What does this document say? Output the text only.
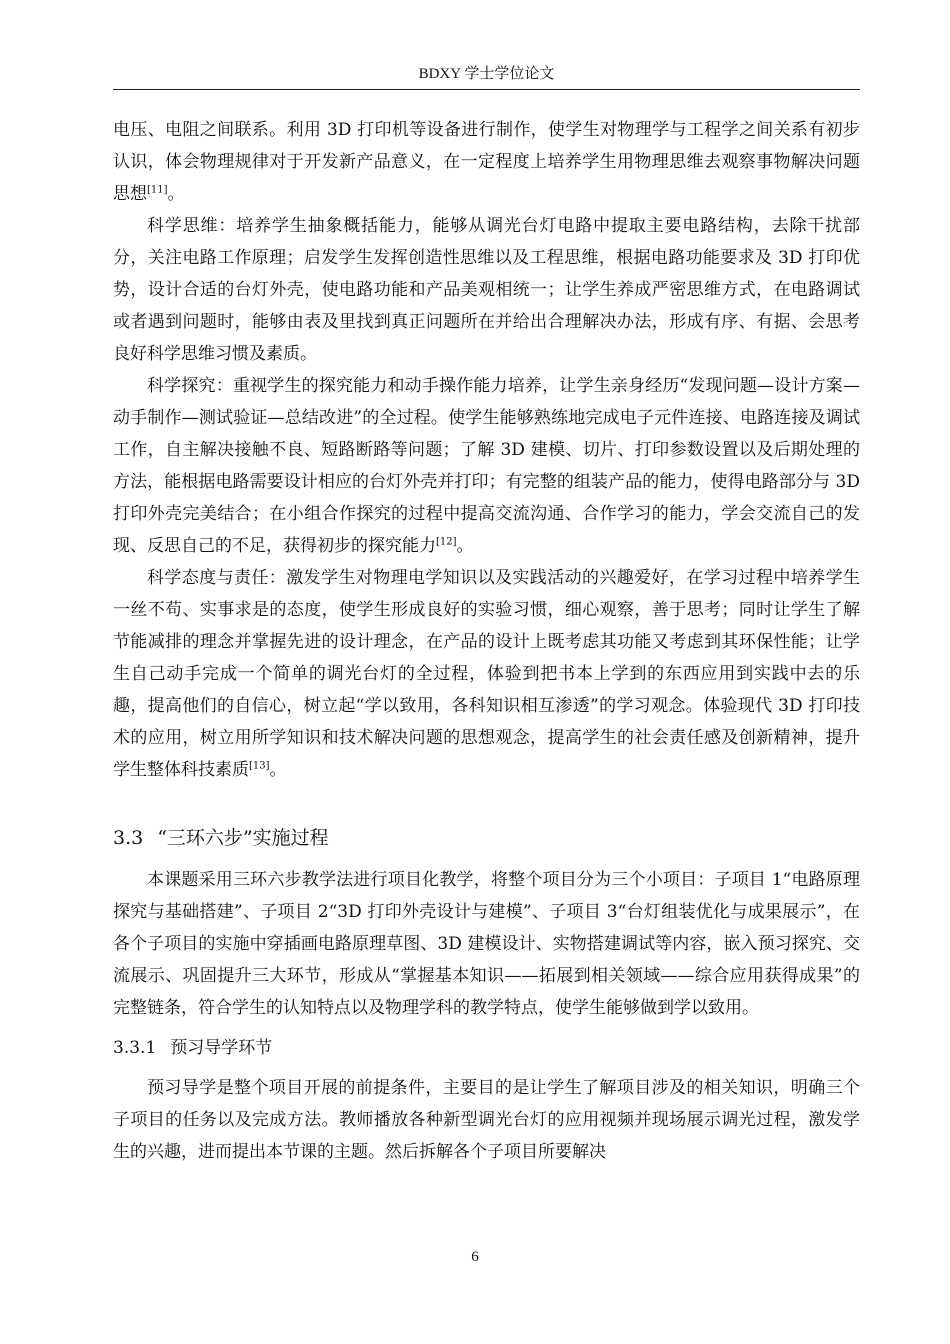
BDXY 学士学位论文

电压、电阻之间联系。利用 3D 打印机等设备进行制作，使学生对物理学与工程学之间关系有初步认识，体会物理规律对于开发新产品意义，在一定程度上培养学生用物理思维去观察事物解决问题思想[11]。

科学思维：培养学生抽象概括能力，能够从调光台灯电路中提取主要电路结构，去除干扰部分，关注电路工作原理；启发学生发挥创造性思维以及工程思维，根据电路功能要求及 3D 打印优势，设计合适的台灯外壳，使电路功能和产品美观相统一；让学生养成严密思维方式，在电路调试或者遇到问题时，能够由表及里找到真正问题所在并给出合理解决办法，形成有序、有据、会思考良好科学思维习惯及素质。

科学探究：重视学生的探究能力和动手操作能力培养，让学生亲身经历“发现问题—设计方案—动手制作—测试验证—总结改进”的全过程。使学生能够熟练地完成电子元件连接、电路连接及调试工作，自主解决接触不良、短路断路等问题；了解 3D 建模、切片、打印参数设置以及后期处理的方法，能根据电路需要设计相应的台灯外壳并打印；有完整的组装产品的能力，使得电路部分与 3D 打印外壳完美结合；在小组合作探究的过程中提高交流沟通、合作学习的能力，学会交流自己的发现、反思自己的不足，获得初步的探究能力[12]。

科学态度与责任：激发学生对物理电学知识以及实践活动的兴趣爱好，在学习过程中培养学生一丝不苟、实事求是的态度，使学生形成良好的实验习惯，细心观察，善于思考；同时让学生了解节能减排的理念并掌握先进的设计理念，在产品的设计上既考虑其功能又考虑到其环保性能；让学生自己动手完成一个简单的调光台灯的全过程，体验到把书本上学到的东西应用到实践中去的乐趣，提高他们的自信心，树立起“学以致用，各科知识相互渗透”的学习观念。体验现代 3D 打印技术的应用，树立用所学知识和技术解决问题的思想观念，提高学生的社会责任感及创新精神，提升学生整体科技素质[13]。

3.3 “三环六步”实施过程

本课题采用三环六步教学法进行项目化教学，将整个项目分为三个小项目：子项目 1“电路原理探究与基础搭建”、子项目 2“3D 打印外壳设计与建模”、子项目 3“台灯组装优化与成果展示”，在各个子项目的实施中穿插画电路原理草图、3D 建模设计、实物搭建调试等内容，嵌入预习探究、交流展示、巩固提升三大环节，形成从“掌握基本知识——拓展到相关领域——综合应用获得成果”的完整链条，符合学生的认知特点以及物理学科的教学特点，使学生能够做到学以致用。

3.3.1 预习导学环节

预习导学是整个项目开展的前提条件，主要目的是让学生了解项目涉及的相关知识，明确三个子项目的任务以及完成方法。教师播放各种新型调光台灯的应用视频并现场展示调光过程，激发学生的兴趣，进而提出本节课的主题。然后拆解各个子项目所要解决

6
